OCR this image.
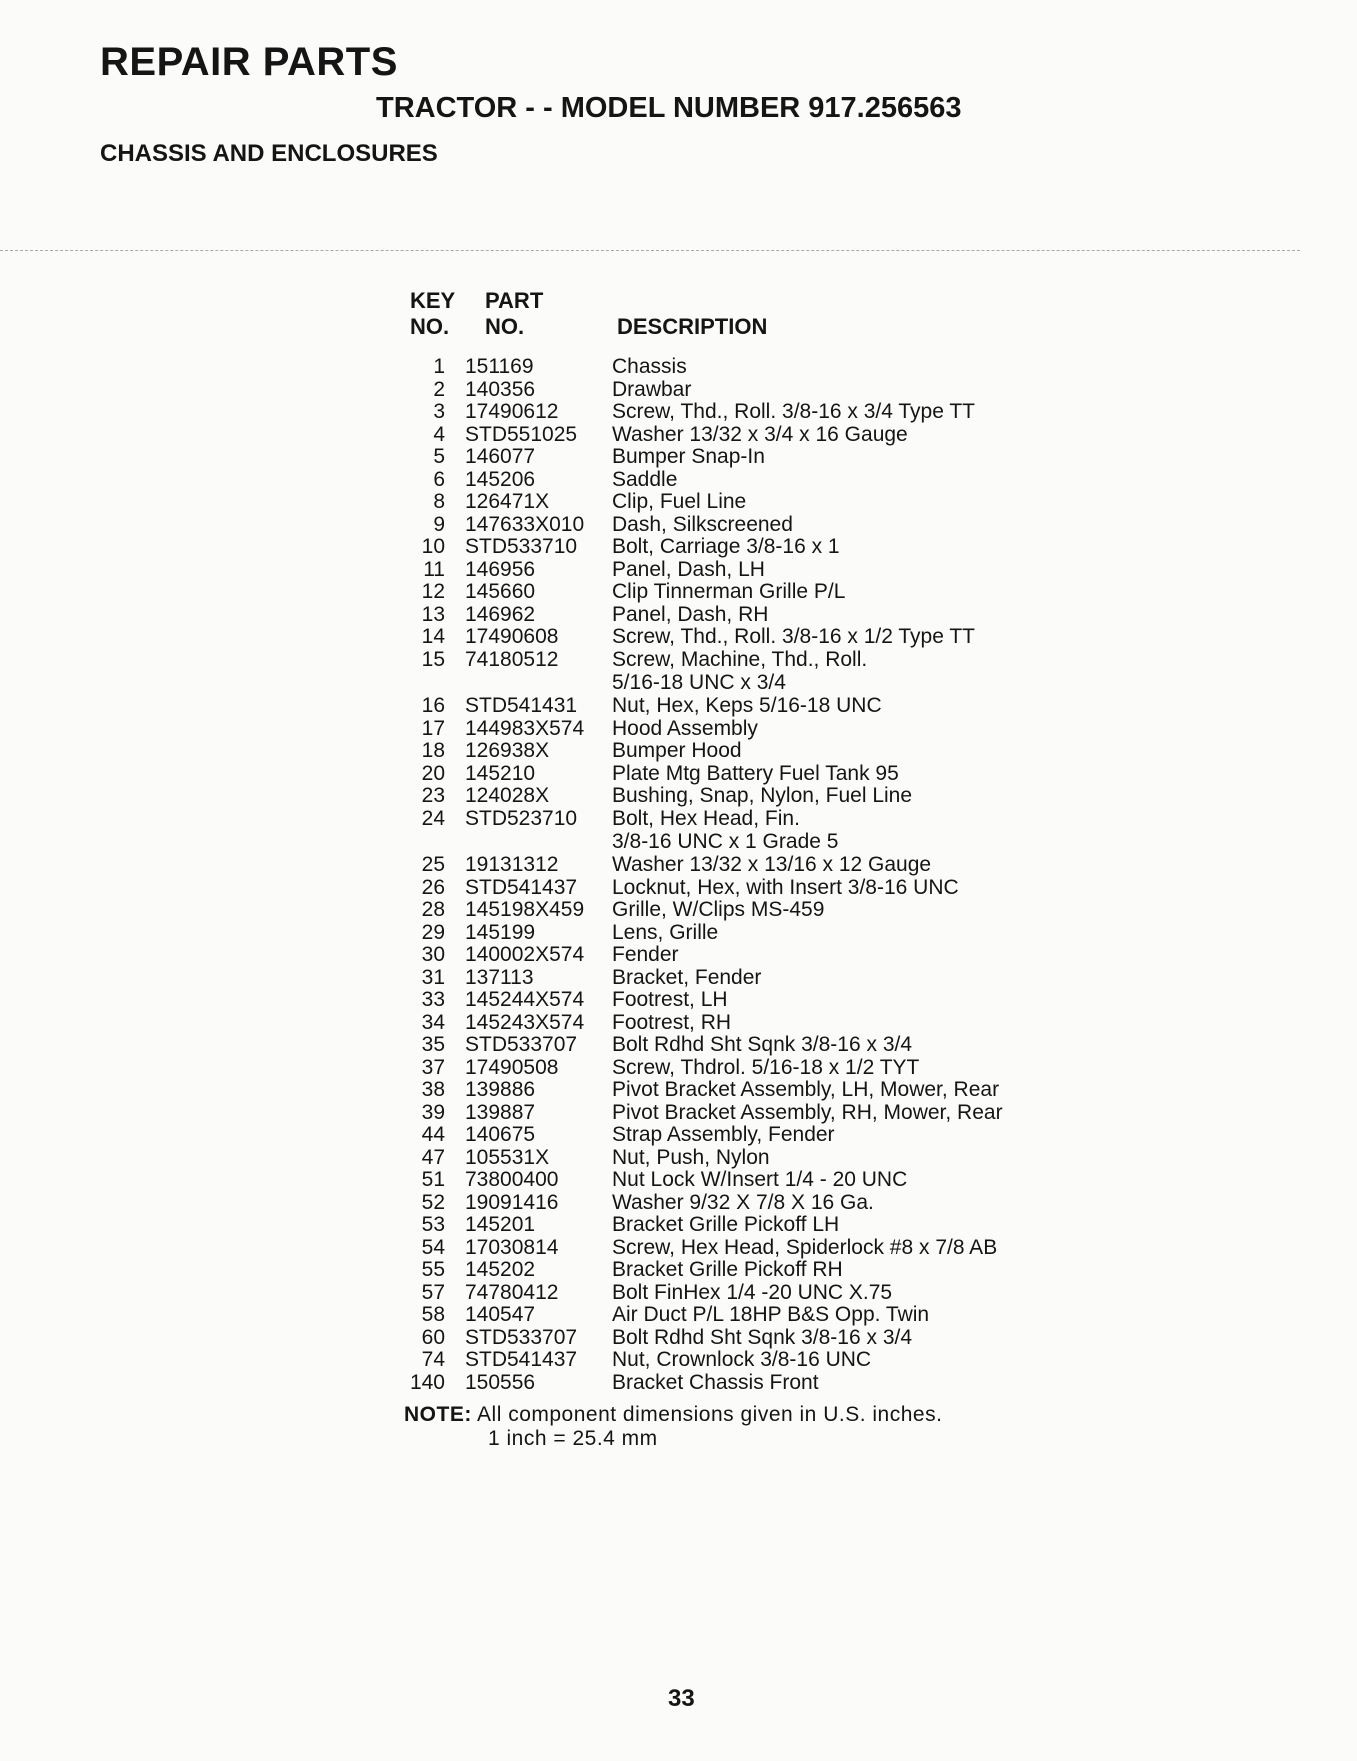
REPAIR PARTS
TRACTOR - - MODEL NUMBER 917.256563
CHASSIS AND ENCLOSURES
KEY
NO.
PART
NO.	DESCRIPTION
1 151169	Chassis
2 140356	Drawbar
3 17490612	Screw, Thd., Roll. 3/8-16 x 3/4 Type TT
4 STD551025	Washer 13/32 x 3/4 x 16 Gauge
5 146077	Bumper Snap-In
6 145206	Saddle
8 126471X	Clip, Fuel Line
9 147633X010	Dash, Silkscreened
10 STD533710	Bolt, Carriage 3/8-16 x 1
11 146956	Panel, Dash, LH
12 145660	Clip Tinnerman Grille P/L
13 146962	Panel, Dash, RH
14 17490608	Screw, Thd., Roll. 3/8-16 x 1/2 Type TT
15 74180512	Screw, Machine, Thd., Roll.
5/16-18 UNC x 3/4
16 STD541431	Nut, Hex, Keps 5/16-18 UNC
17 144983X574	Hood Assembly
18 126938X	Bumper Hood
20 145210	Plate Mtg Battery Fuel Tank 95
23 124028X	Bushing, Snap, Nylon, Fuel Line
24 STD523710	Bolt, Hex Head, Fin.
3/8-16 UNC x 1 Grade 5
25 19131312	Washer 13/32 x 13/16 x 12 Gauge
26 STD541437	Locknut, Hex, with Insert 3/8-16 UNC
28 145198X459	Grille, W/Clips MS-459
29 145199	Lens, Grille
30 140002X574	Fender
31 137113	Bracket, Fender
33 145244X574	Footrest, LH
34 145243X574	Footrest, RH
35 STD533707	Bolt Rdhd Sht Sqnk 3/8-16 x 3/4
37 17490508	Screw, Thdrol. 5/16-18 x 1/2 TYT
38 139886	Pivot Bracket Assembly, LH, Mower, Rear
39 139887	Pivot Bracket Assembly, RH, Mower, Rear
44 140675	Strap Assembly, Fender
47 105531X	Nut, Push, Nylon
51 73800400	Nut Lock W/Insert 1/4 - 20 UNC
52 19091416	Washer 9/32 X 7/8 X 16 Ga.
53 145201	Bracket Grille Pickoff LH
54 17030814	Screw, Hex Head, Spiderlock #8 x 7/8 AB
55 145202	Bracket Grille Pickoff RH
57 74780412	Bolt FinHex 1/4 -20 UNC X.75
58 140547	Air Duct P/L 18HP B&S Opp. Twin
60 STD533707	Bolt Rdhd Sht Sqnk 3/8-16 x 3/4
74 STD541437	Nut, Crownlock 3/8-16 UNC
140 150556	Bracket Chassis Front
NOTE: All component dimensions given in U.S. inches.
1 inch = 25.4 mm
33
